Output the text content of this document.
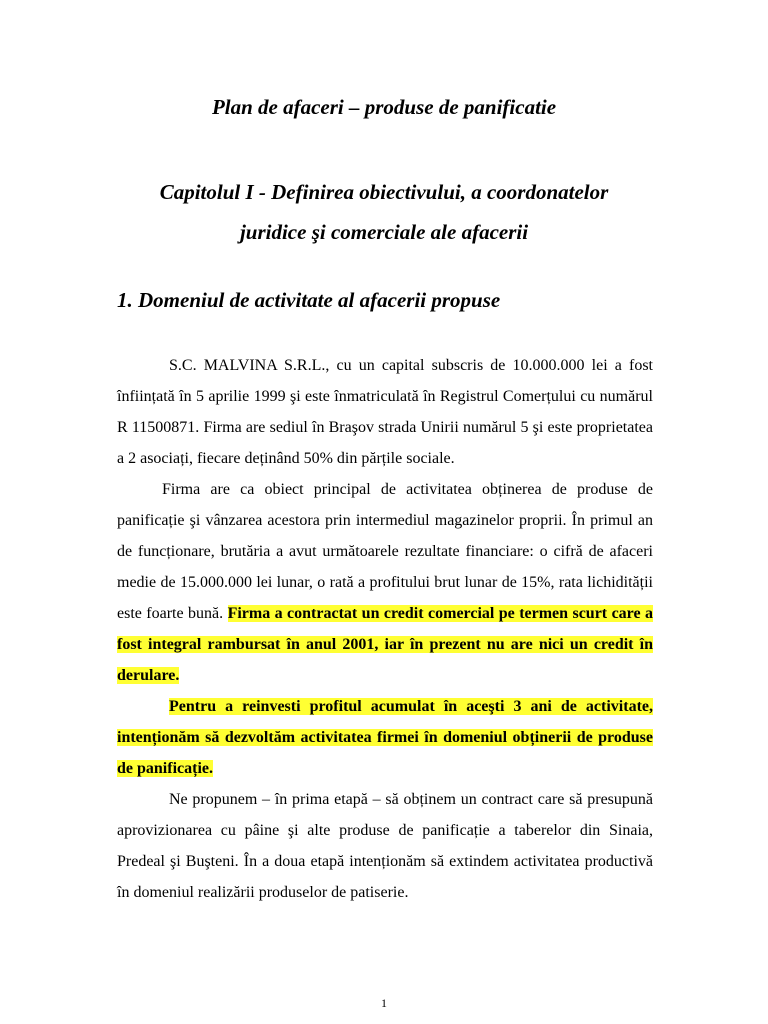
Plan de afaceri – produse de panificatie
Capitolul I - Definirea obiectivului, a coordonatelor
juridice şi comerciale ale afacerii
1. Domeniul de activitate al afacerii propuse

S.C. MALVINA S.R.L., cu un capital subscris de 10.000.000 lei a fost înființată în 5 aprilie 1999 şi este înmatriculată în Registrul Comerțului cu numărul R 11500871. Firma are sediul în Braşov strada Unirii numărul 5 şi este proprietatea a 2 asociați, fiecare deținând 50% din părțile sociale.

Firma are ca obiect principal de activitatea obținerea de produse de panificație şi vânzarea acestora prin intermediul magazinelor proprii. În primul an de funcționare, brutăria a avut următoarele rezultate financiare: o cifră de afaceri medie de 15.000.000 lei lunar, o rată a profitului brut lunar de 15%, rata lichidității este foarte bună. Firma a contractat un credit comercial pe termen scurt care a fost integral rambursat în anul 2001, iar în prezent nu are nici un credit în derulare.

Pentru a reinvesti profitul acumulat în aceşti 3 ani de activitate, intenționăm să dezvoltăm activitatea firmei în domeniul obținerii de produse de panificație.

Ne propunem – în prima etapă – să obținem un contract care să presupună aprovizionarea cu pâine şi alte produse de panificație a taberelor din Sinaia, Predeal şi Buşteni. În a doua etapă intenționăm să extindem activitatea productivă în domeniul realizării produselor de patiserie.

1
